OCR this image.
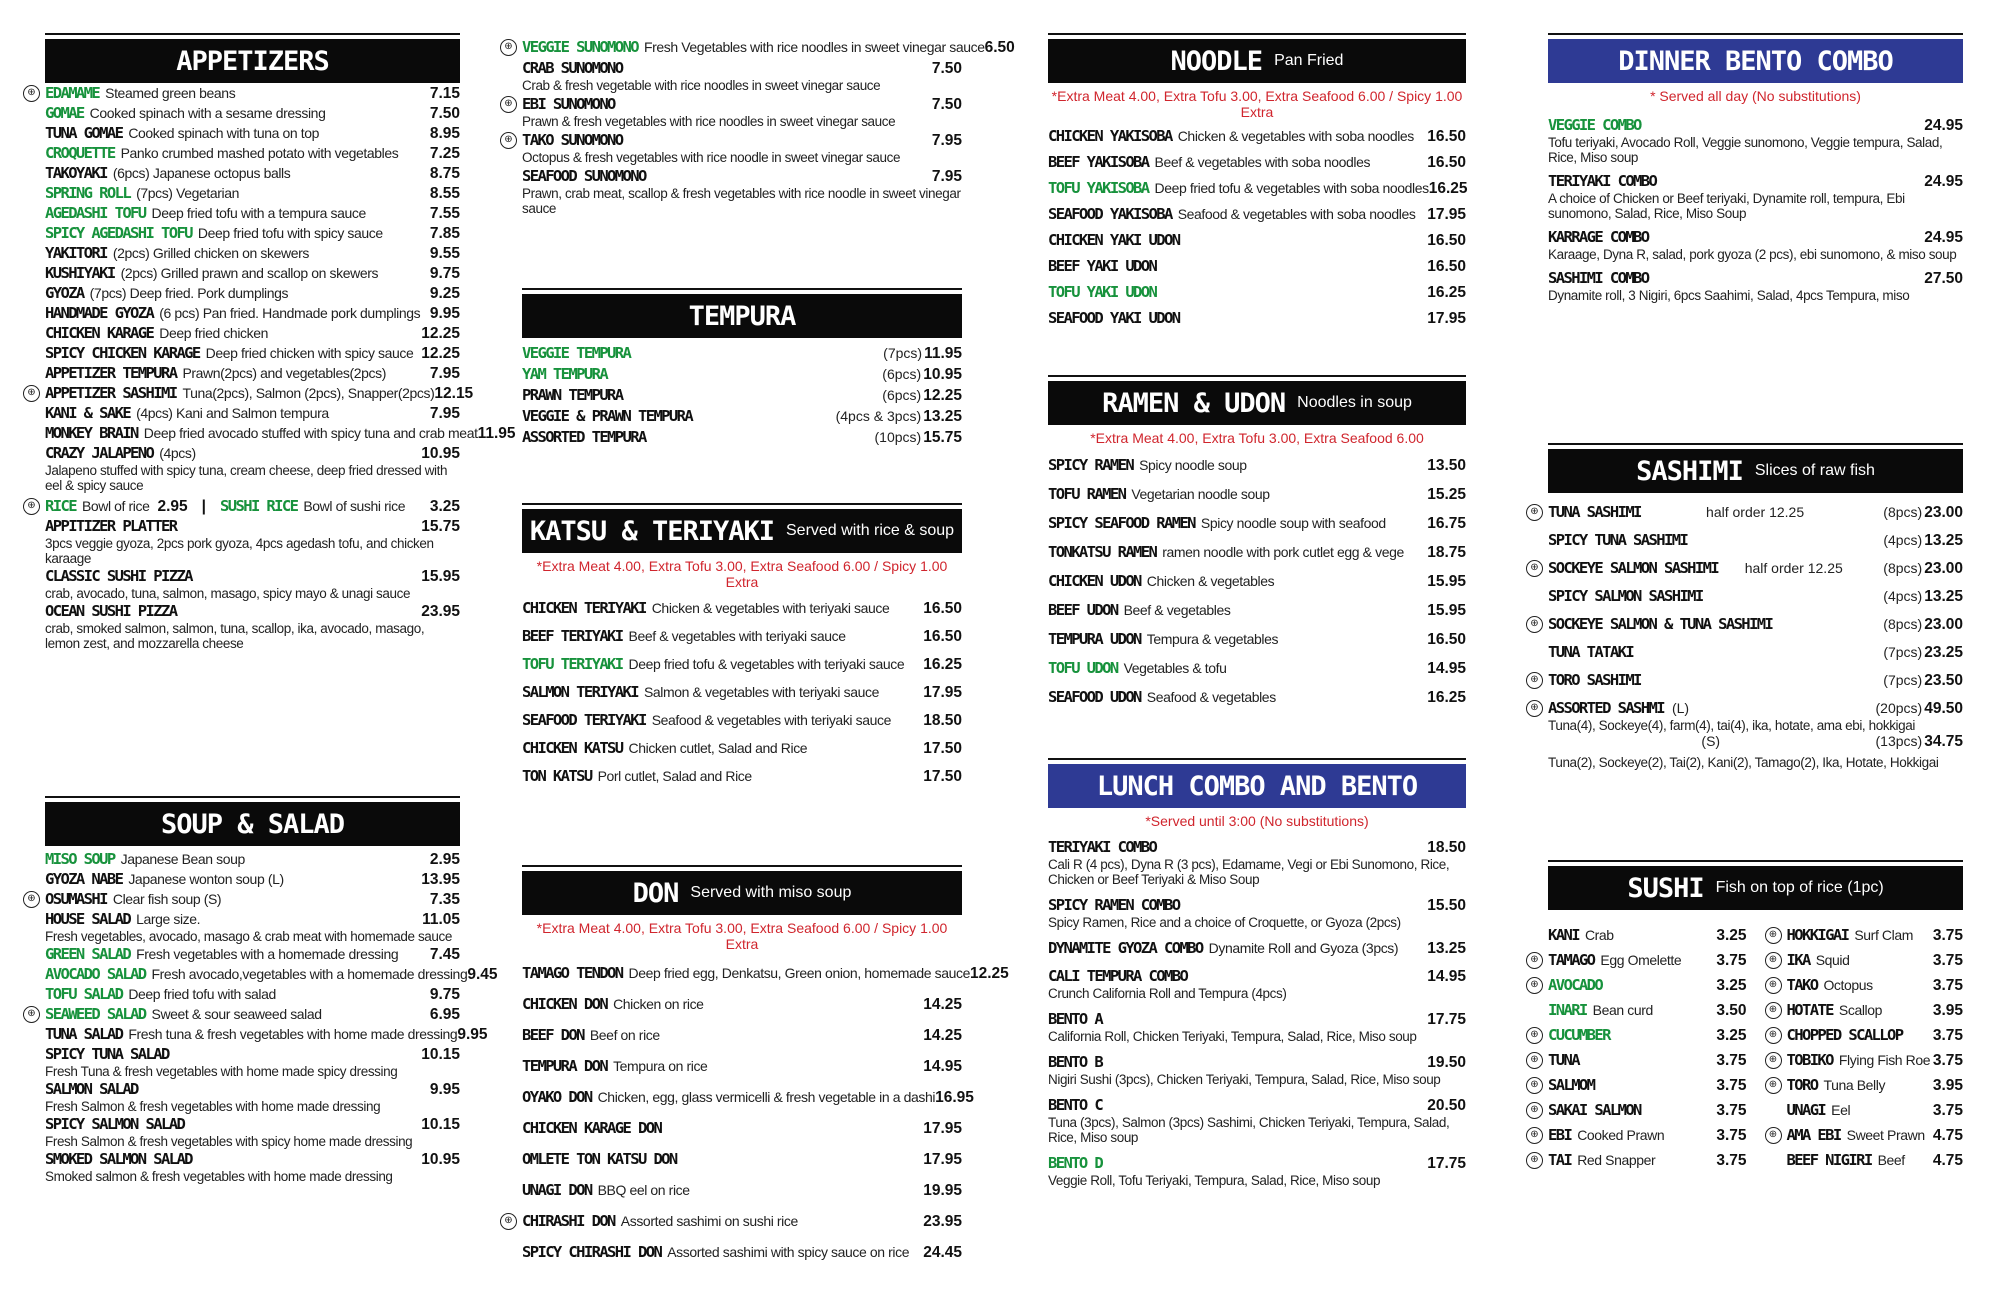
APPETIZERS
⊕ EDAMAME Steamed green beans	7.15
GOMAE Cooked spinach with a sesame dressing	7.50
TUNA GOMAE Cooked spinach with tuna on top	8.95
CROQUETTE Panko crumbed mashed potato with vegetables 7.25
TAKOYAKI (6pcs) Japanese octopus balls	8.75
SPRING ROLL (7pcs) Vegetarian	8.55
AGEDASHI TOFU Deep fried tofu with a tempura sauce	7.55
SPICY AGEDASHI TOFU Deep fried tofu with spicy sauce	7.85
YAKITORI (2pcs) Grilled chicken on skewers	9.55
KUSHIYAKI (2pcs) Grilled prawn and scallop on skewers	9.75
GYOZA (7pcs) Deep fried. Pork dumplings	9.25
HANDMADE GYOZA (6 pcs) Pan fried. Handmade pork dumplings 9.95
CHICKEN KARAGE Deep fried chicken	12.25
SPICY CHICKEN KARAGE Deep fried chicken with spicy sauce 12.25
APPETIZER TEMPURA Prawn(2pcs) and vegetables(2pcs)	7.95
⊕ APPETIZER SASHIMI Tuna(2pcs), Salmon (2pcs), Snapper(2pcs) 12.15
KANI & SAKE (4pcs) Kani and Salmon tempura	7.95
MONKEY BRAIN Deep fried avocado stuffed with spicy tuna and crab meat 11.95
CRAZY JALAPENO (4pcs)	10.95
Jalapeno stuffed with spicy tuna, cream cheese, deep fried dressed with eel & spicy sauce
⊕ RICE Bowl of rice 2.95 | SUSHI RICE Bowl of sushi rice 3.25
APPITIZER PLATTER	15.75
3pcs veggie gyoza, 2pcs pork gyoza, 4pcs agedash tofu, and chicken karaage
CLASSIC SUSHI PIZZA	15.95
crab, avocado, tuna, salmon, masago, spicy mayo & unagi sauce
OCEAN SUSHI PIZZA	23.95
crab, smoked salmon, salmon, tuna, scallop, ika, avocado, masago, lemon zest, and mozzarella cheese
SOUP & SALAD
MISO SOUP Japanese Bean soup	2.95
GYOZA NABE Japanese wonton soup (L)	13.95
⊕ OSUMASHI Clear fish soup (S)	7.35
HOUSE SALAD Large size.	11.05
Fresh vegetables, avocado, masago & crab meat with homemade sauce
GREEN SALAD Fresh vegetables with a homemade dressing 7.45
AVOCADO SALAD Fresh avocado,vegetables with a homemade dressing 9.45
TOFU SALAD Deep fried tofu with salad	9.75
⊕ SEAWEED SALAD Sweet & sour seaweed salad	6.95
TUNA SALAD Fresh tuna & fresh vegetables with home made dressing 9.95
SPICY TUNA SALAD	10.15
Fresh Tuna & fresh vegetables with home made spicy dressing
SALMON SALAD	9.95
Fresh Salmon & fresh vegetables with home made dressing
SPICY SALMON SALAD	10.15
Fresh Salmon & fresh vegetables with spicy home made dressing
SMOKED SALMON SALAD	10.95
Smoked salmon & fresh vegetables with home made dressing
⊕ VEGGIE SUNOMONO Fresh Vegetables with rice noodles in sweet vinegar sauce 6.50
CRAB SUNOMONO	7.50
Crab & fresh vegetable with rice noodles in sweet vinegar sauce
⊕ EBI SUNOMONO	7.50
Prawn & fresh vegetables with rice noodles in sweet vinegar sauce
⊕ TAKO SUNOMONO	7.95
Octopus & fresh vegetables with rice noodle in sweet vinegar sauce
SEAFOOD SUNOMONO	7.95
Prawn, crab meat, scallop & fresh vegetables with rice noodle in sweet vinegar sauce
TEMPURA
VEGGIE TEMPURA	(7pcs) 11.95
YAM TEMPURA	(6pcs) 10.95
PRAWN TEMPURA	(6pcs) 12.25
VEGGIE & PRAWN TEMPURA	(4pcs & 3pcs) 13.25
ASSORTED TEMPURA	(10pcs) 15.75
KATSU & TERIYAKI Served with rice & soup
*Extra Meat 4.00, Extra Tofu 3.00, Extra Seafood 6.00 / Spicy 1.00 Extra
CHICKEN TERIYAKI Chicken & vegetables with teriyaki sauce 16.50
BEEF TERIYAKI Beef & vegetables with teriyaki sauce	16.50
TOFU TERIYAKI Deep fried tofu & vegetables with teriyaki sauce 16.25
SALMON TERIYAKI Salmon & vegetables with teriyaki sauce	17.95
SEAFOOD TERIYAKI Seafood & vegetables with teriyaki sauce 18.50
CHICKEN KATSU Chicken cutlet, Salad and Rice	17.50
TON KATSU Porl cutlet, Salad and Rice	17.50
DON Served with miso soup
*Extra Meat 4.00, Extra Tofu 3.00, Extra Seafood 6.00 / Spicy 1.00 Extra
TAMAGO TENDON Deep fried egg, Denkatsu, Green onion, homemade sauce 12.25
CHICKEN DON Chicken on rice	14.25
BEEF DON Beef on rice	14.25
TEMPURA DON Tempura on rice	14.95
OYAKO DON Chicken, egg, glass vermicelli & fresh vegetable in a dashi 16.95
CHICKEN KARAGE DON	17.95
OMLETE TON KATSU DON	17.95
UNAGI DON BBQ eel on rice	19.95
⊕ CHIRASHI DON Assorted sashimi on sushi rice	23.95
SPICY CHIRASHI DON Assorted sashimi with spicy sauce on rice 24.45
NOODLE Pan Fried
*Extra Meat 4.00, Extra Tofu 3.00, Extra Seafood 6.00 / Spicy 1.00 Extra
CHICKEN YAKISOBA Chicken & vegetables with soba noodles 16.50
BEEF YAKISOBA Beef & vegetables with soba noodles	16.50
TOFU YAKISOBA Deep fried tofu & vegetables with soba noodles 16.25
SEAFOOD YAKISOBA Seafood & vegetables with soba noodles 17.95
CHICKEN YAKI UDON	16.50
BEEF YAKI UDON	16.50
TOFU YAKI UDON	16.25
SEAFOOD YAKI UDON	17.95
RAMEN & UDON Noodles in soup
*Extra Meat 4.00, Extra Tofu 3.00, Extra Seafood 6.00
SPICY RAMEN Spicy noodle soup	13.50
TOFU RAMEN Vegetarian noodle soup	15.25
SPICY SEAFOOD RAMEN Spicy noodle soup with seafood	16.75
TONKATSU RAMEN ramen noodle with pork cutlet egg & vege 18.75
CHICKEN UDON Chicken & vegetables	15.95
BEEF UDON Beef & vegetables	15.95
TEMPURA UDON Tempura & vegetables	16.50
TOFU UDON Vegetables & tofu	14.95
SEAFOOD UDON Seafood & vegetables	16.25
LUNCH COMBO AND BENTO
*Served until 3:00 (No substitutions)
TERIYAKI COMBO	18.50
Cali R (4 pcs), Dyna R (3 pcs), Edamame, Vegi or Ebi Sunomono, Rice, Chicken or Beef Teriyaki & Miso Soup
SPICY RAMEN COMBO	15.50
Spicy Ramen, Rice and a choice of Croquette, or Gyoza (2pcs)
DYNAMITE GYOZA COMBO Dynamite Roll and Gyoza (3pcs) 13.25
CALI TEMPURA COMBO	14.95
Crunch California Roll and Tempura (4pcs)
BENTO A	17.75
California Roll, Chicken Teriyaki, Tempura, Salad, Rice, Miso soup
BENTO B	19.50
Nigiri Sushi (3pcs), Chicken Teriyaki, Tempura, Salad, Rice, Miso soup
BENTO C	20.50
Tuna (3pcs), Salmon (3pcs) Sashimi, Chicken Teriyaki, Tempura, Salad, Rice, Miso soup
BENTO D	17.75
Veggie Roll, Tofu Teriyaki, Tempura, Salad, Rice, Miso soup
DINNER BENTO COMBO
* Served all day (No substitutions)
VEGGIE COMBO	24.95
Tofu teriyaki, Avocado Roll, Veggie sunomono, Veggie tempura, Salad, Rice, Miso soup
TERIYAKI COMBO	24.95
A choice of Chicken or Beef teriyaki, Dynamite roll, tempura, Ebi sunomono, Salad, Rice, Miso Soup
KARRAGE COMBO	24.95
Karaage, Dyna R, salad, pork gyoza (2 pcs), ebi sunomono, & miso soup
SASHIMI COMBO	27.50
Dynamite roll, 3 Nigiri, 6pcs Saahimi, Salad, 4pcs Tempura, miso
SASHIMI Slices of raw fish
⊕ TUNA SASHIMI	half order 12.25	(8pcs) 23.00
SPICY TUNA SASHIMI	(4pcs) 13.25
⊕ SOCKEYE SALMON SASHIMI half order 12.25	(8pcs) 23.00
SPICY SALMON SASHIMI	(4pcs) 13.25
⊕ SOCKEYE SALMON & TUNA SASHIMI	(8pcs) 23.00
TUNA TATAKI	(7pcs) 23.25
⊕ TORO SASHIMI	(7pcs) 23.50
⊕ ASSORTED SASHMI (L)	(20pcs) 49.50
Tuna(4), Sockeye(4), farm(4), tai(4), ika, hotate, ama ebi, hokkigai
(S)	(13pcs) 34.75
Tuna(2), Sockeye(2), Tai(2), Kani(2), Tamago(2), Ika, Hotate, Hokkigai
SUSHI Fish on top of rice (1pc)
KANI Crab	3.25
⊕ TAMAGO Egg Omelette 3.75
⊕ AVOCADO	3.25
INARI Bean curd	3.50
⊕ CUCUMBER	3.25
⊕ TUNA	3.75
⊕ SALMOM	3.75
⊕ SAKAI SALMON	3.75
⊕ EBI Cooked Prawn	3.75
⊕ TAI Red Snapper	3.75
⊕ HOKKIGAI Surf Clam 3.75
⊕ IKA Squid	3.75
⊕ TAKO Octopus	3.75
⊕ HOTATE Scallop	3.95
⊕ CHOPPED SCALLOP 3.75
⊕ TOBIKO Flying Fish Roe 3.75
⊕ TORO Tuna Belly	3.95
UNAGI Eel	3.75
⊕ AMA EBI Sweet Prawn 4.75
BEEF NIGIRI Beef 4.75
